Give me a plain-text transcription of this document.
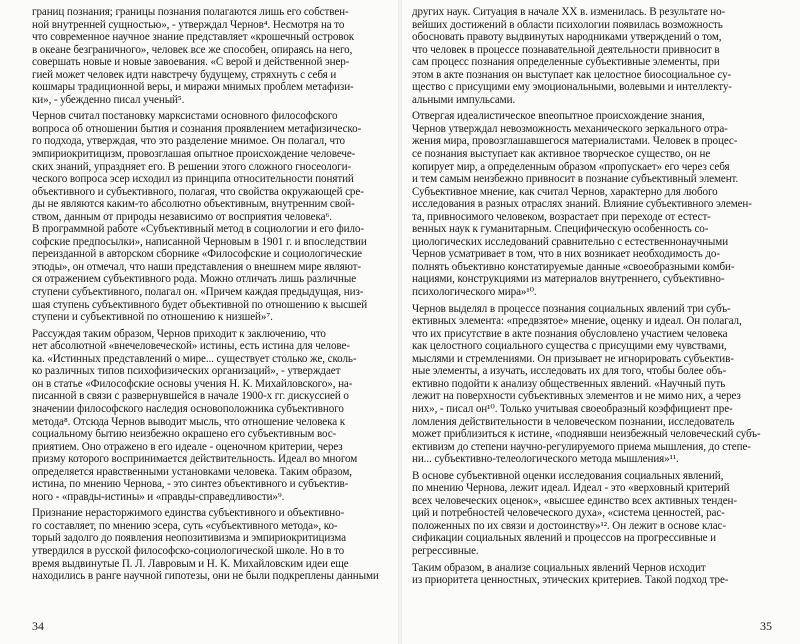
границ познания; границы познания полагаются лишь его собствен-
ной внутренней сущностью», - утверждал Чернов⁴. Несмотря на то
что современное научное знание представляет «крошечный островок
в океане безграничного», человек все же способен, опираясь на него,
совершать новые и новые завоевания. «С верой и действенной энер-
гией может человек идти навстречу будущему, стряхнуть с себя и
кошмары традиционной веры, и миражи мнимых проблем метафизи-
ки», - убежденно писал ученый⁵.
Чернов считал постановку марксистами основного философского
вопроса об отношении бытия и сознания проявлением метафизическо-
го подхода, утверждая, что это разделение мнимое. Он полагал, что
эмпириокритицизм, провозглашая опытное происхождение человече-
ских знаний, упраздняет его. В решении этого сложного гносеологи-
ческого вопроса эсер исходил из принципа относительности понятий
объективного и субъективного, полагая, что свойства окружающей сре-
ды не являются каким-то абсолютно объективным, внутренним свой-
ством, данным от природы независимо от восприятия человека⁶.
В программной работе «Субъективный метод в социологии и его фило-
софские предпосылки», написанной Черновым в 1901 г. и впоследствии
переизданной в авторском сборнике «Философские и социологические
этюды», он отмечал, что наши представления о внешнем мире являют-
ся отражением субъективного рода. Можно отличать лишь различные
ступени субъективного, полагал он. «Причем каждая предыдущая, низ-
шая ступень субъективного будет объективной по отношению к высшей
ступени и субъективной по отношению к низшей»⁷.
Рассуждая таким образом, Чернов приходит к заключению, что
нет абсолютной «внечеловеческой» истины, есть истина для челове-
ка. «Истинных представлений о мире... существует столько же, сколь-
ко различных типов психофизических организаций», - утверждает
он в статье «Философские основы учения Н. К. Михайловского», на-
писанной в связи с развернувшейся в начале 1900-х гг. дискуссией о
значении философского наследия основоположника субъективного
метода⁸. Отсюда Чернов выводит мысль, что отношение человека к
социальному бытию неизбежно окрашено его субъективным вос-
приятием. Оно отражено в его идеале - оценочном критерии, через
призму которого воспринимается действительность. Идеал во многом
определяется нравственными установками человека. Таким образом,
истина, по мнению Чернова, - это синтез объективного и субъектив-
ного - «правды-истины» и «правды-справедливости»⁹.
Признание нерасторжимого единства субъективного и объективно-
го составляет, по мнению эсера, суть «субъективного метода», ко-
торый задолго до появления неопозитивизма и эмпириокритицизма
утвердился в русской философско-социологической школе. Но в то
время выдвинутые П. Л. Лавровым и Н. К. Михайловским идеи еще
находились в ранге научной гипотезы, они не были подкреплены данными
34
других наук. Ситуация в начале XX в. изменилась. В результате но-
вейших достижений в области психологии появилась возможность
обосновать правоту выдвинутых народниками утверждений о том,
что человек в процессе познавательной деятельности привносит в
сам процесс познания определенные субъективные элементы, при
этом в акте познания он выступает как целостное биосоциальное су-
щество с присущими ему эмоциональными, волевыми и интеллекту-
альными импульсами.
Отвергая идеалистическое вneопытное происхождение знания,
Чернов утверждал невозможность механического зеркального отра-
жения мира, провозглашавшегося материалистами. Человек в процес-
се познания выступает как активное творческое существо, он не
копирует мир, а определенным образом «пропускает» его через себя
и тем самым неизбежно привносит в познание субъективный элемент.
Субъективное мнение, как считал Чернов, характерно для любого
исследования в разных отраслях знаний. Влияние субъективного элемен-
та, привносимого человеком, возрастает при переходе от естест-
венных наук к гуманитарным. Специфическую особенность со-
циологических исследований сравнительно с естественнонаучными
Чернов усматривает в том, что в них возникает необходимость до-
полнять объективно констатируемые данные «своеобразными комби-
нациями, конструкциями из материалов внутреннего, субъективно-
психологического мира»¹⁰.
Чернов выделял в процессе познания социальных явлений три субъ-
ективных элемента: «предвзятое» мнение, оценку и идеал. Он полагал,
что их присутствие в акте познания обусловлено участием человека
как целостного социального существа с присущими ему чувствами,
мыслями и стремлениями. Он призывает не игнорировать субъектив-
ные элементы, а изучать, исследовать их для того, чтобы более объ-
ективно подойти к анализу общественных явлений. «Научный путь
лежит на поверхности субъективных элементов и не мимо них, а через
них», - писал он¹⁰. Только учитывая своеобразный коэффициент пре-
ломления действительности в человеческом познании, исследователь
может приблизиться к истине, «поднявши неизбежный человеческий субъ-
ективизм до степени научно-регулируемого приема мышления, до степе-
ни... субъективно-телеологического метода мышления»¹¹.
В основе субъективной оценки исследования социальных явлений,
по мнению Чернова, лежит идеал. Идеал - это «верховный критерий
всех человеческих оценок», «высшее единство всех активных тенден-
ций и потребностей человеческого духа», «система ценностей, рас-
положенных по их связи и достоинству»¹². Он лежит в основе клас-
сификации социальных явлений и процессов на прогрессивные и
регрессивные.
Таким образом, в анализе социальных явлений Чернов исходит
из приоритета ценностных, этических критериев. Такой подход тре-
35
